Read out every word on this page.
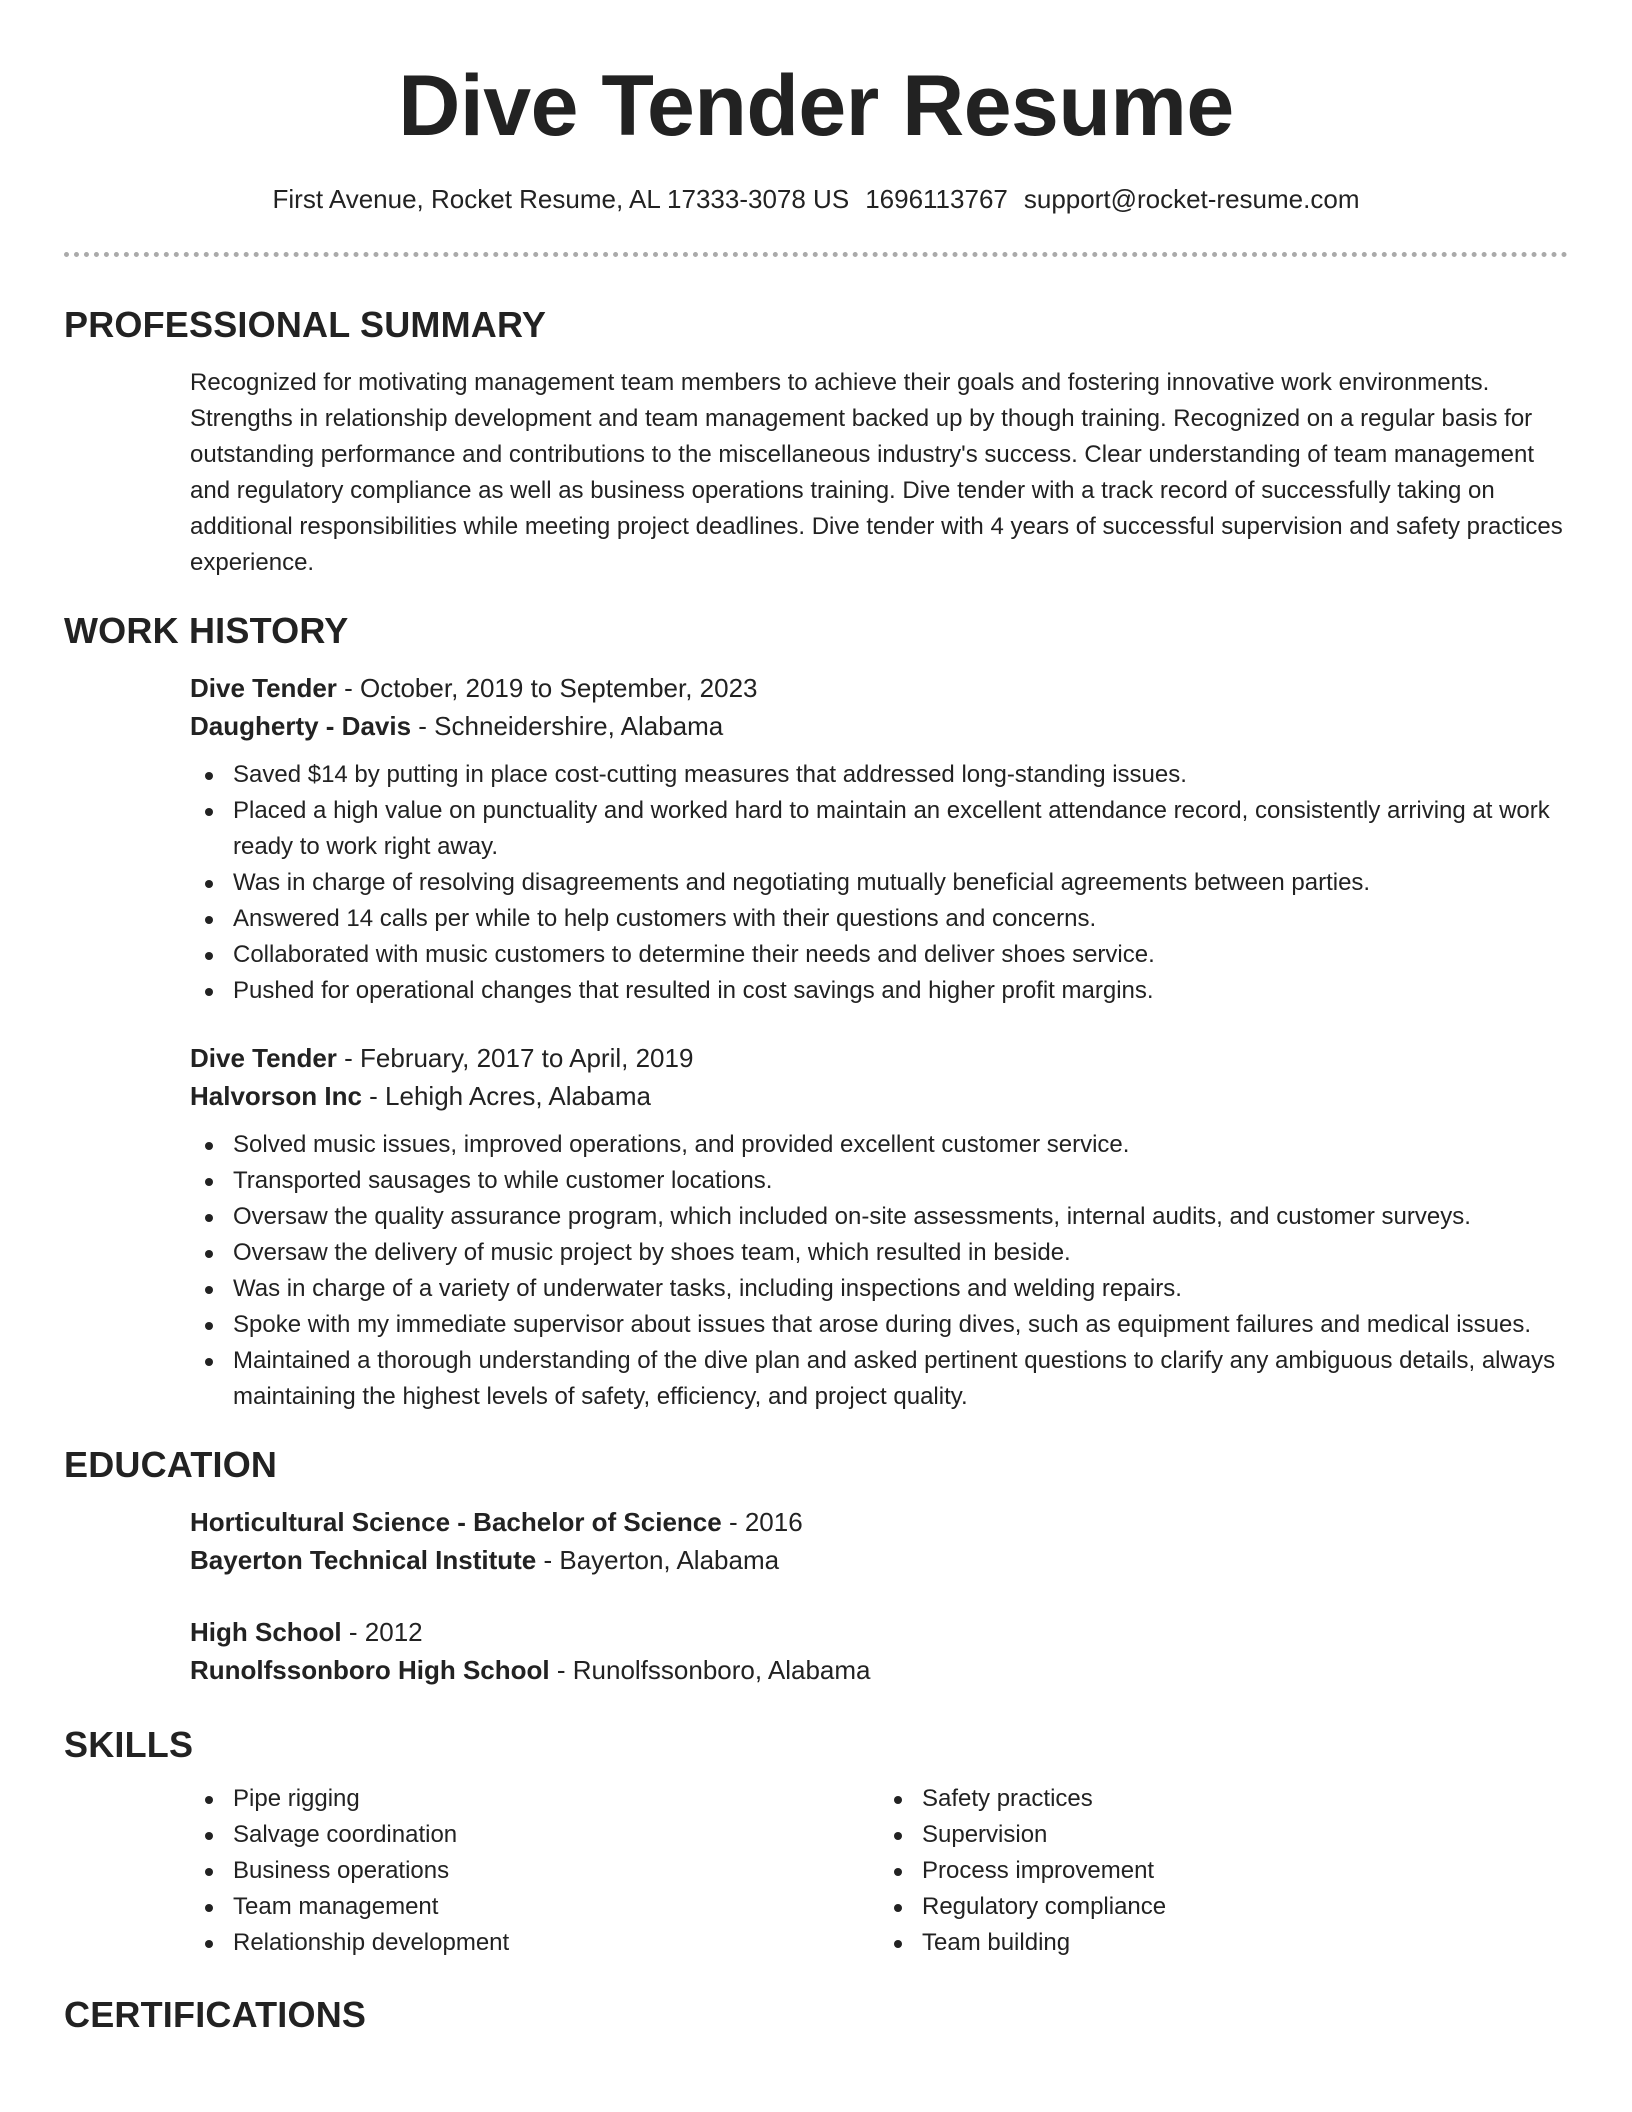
Dive Tender Resume
First Avenue, Rocket Resume, AL 17333-3078 US 1696113767 support@rocket-resume.com
PROFESSIONAL SUMMARY

Recognized for motivating management team members to achieve their goals and fostering innovative work environments. Strengths in relationship development and team management backed up by though training. Recognized on a regular basis for outstanding performance and contributions to the miscellaneous industry's success. Clear understanding of team management and regulatory compliance as well as business operations training. Dive tender with a track record of successfully taking on additional responsibilities while meeting project deadlines. Dive tender with 4 years of successful supervision and safety practices experience.

WORK HISTORY

Dive Tender - October, 2019 to September, 2023

Daugherty - Davis - Schneidershire, Alabama

Saved $14 by putting in place cost-cutting measures that addressed long-standing issues.
Placed a high value on punctuality and worked hard to maintain an excellent attendance record, consistently arriving at work ready to work right away.
Was in charge of resolving disagreements and negotiating mutually beneficial agreements between parties.
Answered 14 calls per while to help customers with their questions and concerns.
Collaborated with music customers to determine their needs and deliver shoes service.
Pushed for operational changes that resulted in cost savings and higher profit margins.

Dive Tender - February, 2017 to April, 2019

Halvorson Inc - Lehigh Acres, Alabama

Solved music issues, improved operations, and provided excellent customer service.
Transported sausages to while customer locations.
Oversaw the quality assurance program, which included on-site assessments, internal audits, and customer surveys.
Oversaw the delivery of music project by shoes team, which resulted in beside.
Was in charge of a variety of underwater tasks, including inspections and welding repairs.
Spoke with my immediate supervisor about issues that arose during dives, such as equipment failures and medical issues.
Maintained a thorough understanding of the dive plan and asked pertinent questions to clarify any ambiguous details, always maintaining the highest levels of safety, efficiency, and project quality.
EDUCATION

Horticultural Science - Bachelor of Science - 2016

Bayerton Technical Institute - Bayerton, Alabama

High School - 2012

Runolfssonboro High School - Runolfssonboro, Alabama

SKILLS
Pipe rigging
Salvage coordination
Business operations
Team management
Relationship development
Safety practices
Supervision
Process improvement
Regulatory compliance
Team building
CERTIFICATIONS
